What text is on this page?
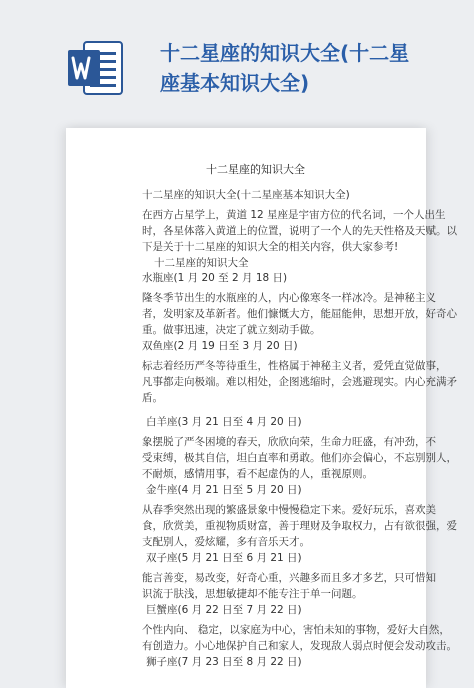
十二星座的知识大全(十二星
座基本知识大全)

十二星座的知识大全

十二星座的知识大全(十二星座基本知识大全)

在西方占星学上，黄道 12 星座是宇宙方位的代名词，一个人出生

时，各星体落入黄道上的位置，说明了一个人的先天性格及天赋。以

下是关于十二星座的知识大全的相关内容，供大家参考!

十二星座的知识大全

水瓶座(1 月 20 至 2 月 18 日)

隆冬季节出生的水瓶座的人，内心像寒冬一样冰冷。是神秘主义

者，发明家及革新者。他们慷慨大方，能屈能伸，思想开放，好奇心

重。做事迅速，决定了就立刻动手做。

双鱼座(2 月 19 日至 3 月 20 日)

标志着经历严冬等待重生，性格属于神秘主义者，爱凭直觉做事，

凡事都走向极端。难以相处，企图逃缩时，会逃避现实。内心充满矛

盾。

白羊座(3 月 21 日至 4 月 20 日)

象摆脱了严冬困境的春天，欣欣向荣，生命力旺盛，有冲劲，不

受束缚，极其自信，坦白直率和勇敢。他们亦会偏心，不忘别别人，

不耐烦，感情用事，看不起虚伪的人，重视原则。

金牛座(4 月 21 日至 5 月 20 日)

从春季突然出现的繁盛景象中慢慢稳定下来。爱好玩乐，喜欢美

食，欣赏美，重视物质财富，善于理财及争取权力，占有欲很强，爱

支配别人，爱炫耀，多有音乐天才。

双子座(5 月 21 日至 6 月 21 日)

能言善变，易改变，好奇心重，兴趣多而且多才多艺，只可惜知

识流于肤浅，思想敏捷却不能专注于单一问题。

巨蟹座(6 月 22 日至 7 月 22 日)

个性内向、 稳定，以家庭为中心，害怕未知的事物，爱好大自然，

有创造力。小心地保护自己和家人，发现敌人弱点时便会发动攻击。

狮子座(7 月 23 日至 8 月 22 日)
